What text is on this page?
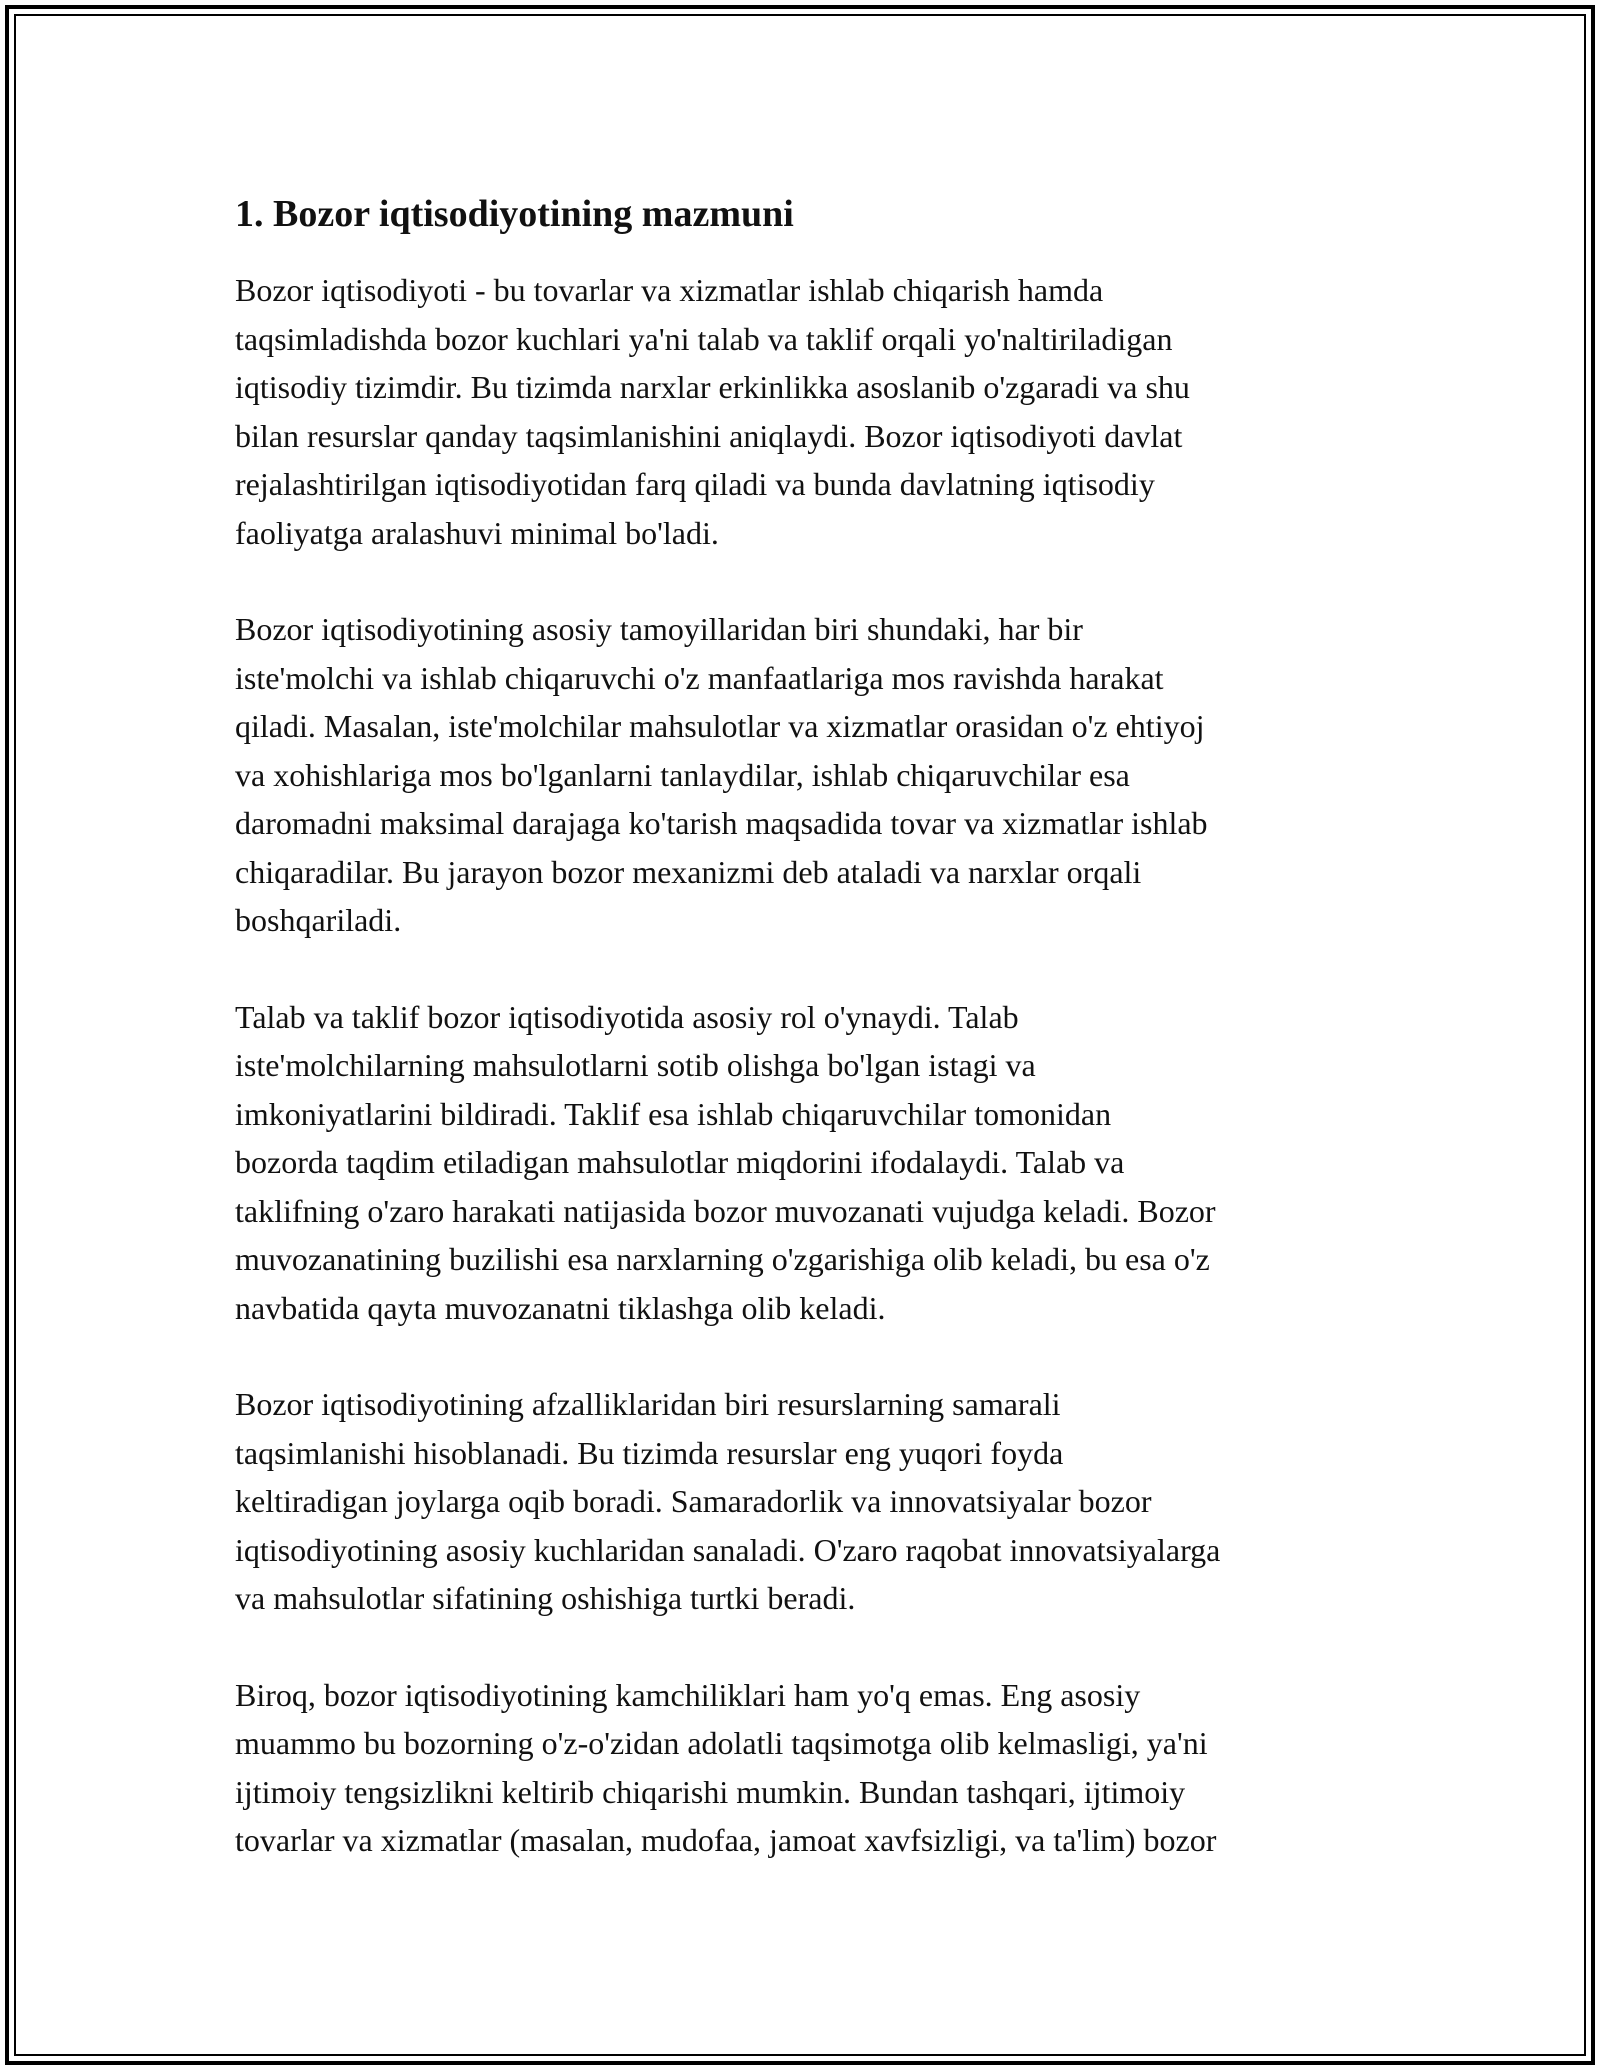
1. Bozor iqtisodiyotining mazmuni

Bozor iqtisodiyoti - bu tovarlar va xizmatlar ishlab chiqarish hamda
taqsimladishda bozor kuchlari ya'ni talab va taklif orqali yo'naltiriladigan
iqtisodiy tizimdir. Bu tizimda narxlar erkinlikka asoslanib o'zgaradi va shu
bilan resurslar qanday taqsimlanishini aniqlaydi. Bozor iqtisodiyoti davlat
rejalashtirilgan iqtisodiyotidan farq qiladi va bunda davlatning iqtisodiy
faoliyatga aralashuvi minimal bo'ladi.

Bozor iqtisodiyotining asosiy tamoyillaridan biri shundaki, har bir
iste'molchi va ishlab chiqaruvchi o'z manfaatlariga mos ravishda harakat
qiladi. Masalan, iste'molchilar mahsulotlar va xizmatlar orasidan o'z ehtiyoj
va xohishlariga mos bo'lganlarni tanlaydilar, ishlab chiqaruvchilar esa
daromadni maksimal darajaga ko'tarish maqsadida tovar va xizmatlar ishlab
chiqaradilar. Bu jarayon bozor mexanizmi deb ataladi va narxlar orqali
boshqariladi.

Talab va taklif bozor iqtisodiyotida asosiy rol o'ynaydi. Talab
iste'molchilarning mahsulotlarni sotib olishga bo'lgan istagi va
imkoniyatlarini bildiradi. Taklif esa ishlab chiqaruvchilar tomonidan
bozorda taqdim etiladigan mahsulotlar miqdorini ifodalaydi. Talab va
taklifning o'zaro harakati natijasida bozor muvozanati vujudga keladi. Bozor
muvozanatining buzilishi esa narxlarning o'zgarishiga olib keladi, bu esa o'z
navbatida qayta muvozanatni tiklashga olib keladi.

Bozor iqtisodiyotining afzalliklaridan biri resurslarning samarali
taqsimlanishi hisoblanadi. Bu tizimda resurslar eng yuqori foyda
keltiradigan joylarga oqib boradi. Samaradorlik va innovatsiyalar bozor
iqtisodiyotining asosiy kuchlaridan sanaladi. O'zaro raqobat innovatsiyalarga
va mahsulotlar sifatining oshishiga turtki beradi.

Biroq, bozor iqtisodiyotining kamchiliklari ham yo'q emas. Eng asosiy
muammo bu bozorning o'z-o'zidan adolatli taqsimotga olib kelmasligi, ya'ni
ijtimoiy tengsizlikni keltirib chiqarishi mumkin. Bundan tashqari, ijtimoiy
tovarlar va xizmatlar (masalan, mudofaa, jamoat xavfsizligi, va ta'lim) bozor
